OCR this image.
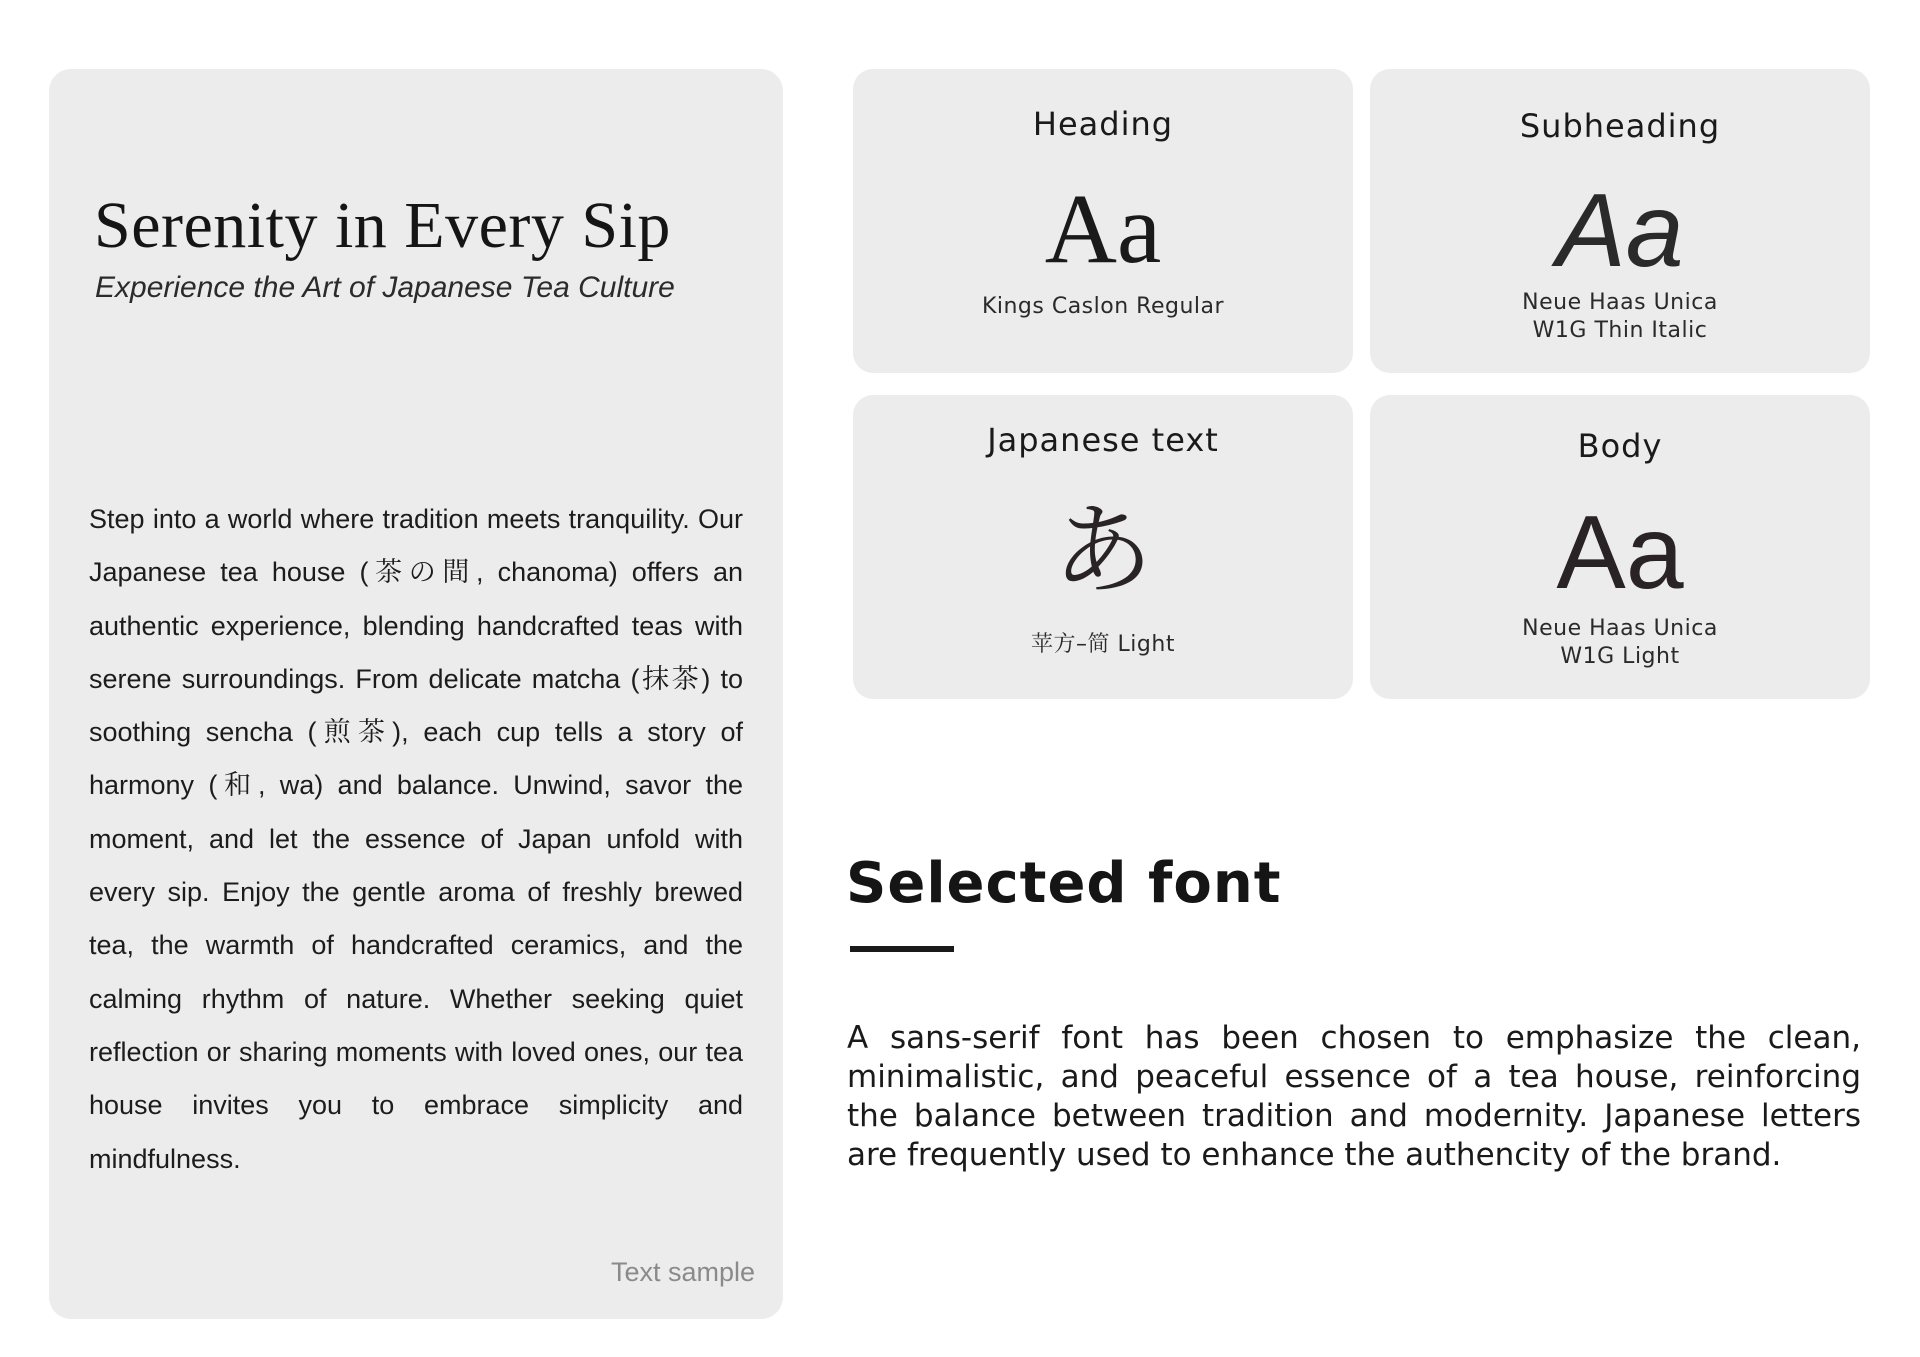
Serenity in Every Sip
Experience the Art of Japanese Tea Culture

Step into a world where tradition meets tranquility. Our Japanese tea house (茶の間, chanoma) offers an authentic experience, blending handcrafted teas with serene surroundings. From delicate matcha (抹茶) to soothing sencha (煎茶), each cup tells a story of harmony (和, wa) and balance. Unwind, savor the moment, and let the essence of Japan unfold with every sip. Enjoy the gentle aroma of freshly brewed tea, the warmth of handcrafted ceramics, and the calming rhythm of nature. Whether seeking quiet reflection or sharing moments with loved ones, our tea house invites you to embrace simplicity and mindfulness.

Text sample
Heading
Aa
Kings Caslon Regular
Subheading
Aa
Neue Haas Unica
W1G Thin Italic
Japanese text
あ
苹方–简 Light
Body
Aa
Neue Haas Unica
W1G Light
Selected font

A sans-serif font has been chosen to emphasize the clean, minimalistic, and peaceful essence of a tea house, reinforcing the balance between tradition and modernity. Japanese letters are frequently used to enhance the authencity of the brand.
